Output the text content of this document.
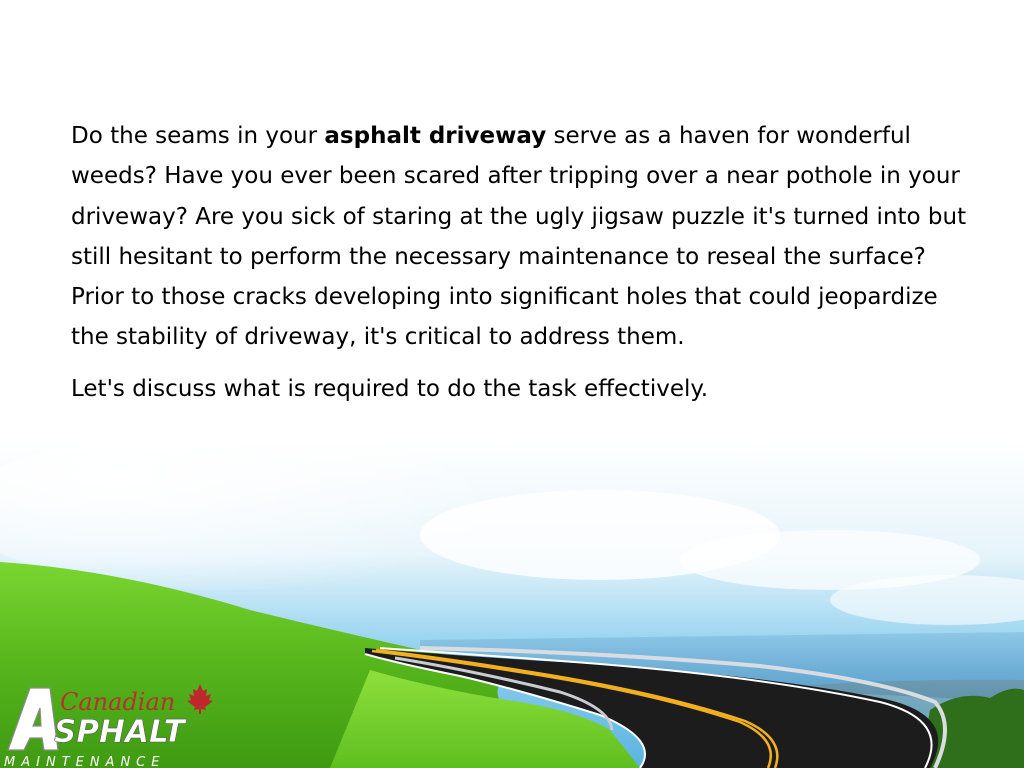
Do the seams in your asphalt driveway serve as a haven for wonderful weeds? Have you ever been scared after tripping over a near pothole in your driveway? Are you sick of staring at the ugly jigsaw puzzle it's turned into but still hesitant to perform the necessary maintenance to reseal the surface? Prior to those cracks developing into significant holes that could jeopardize the stability of driveway, it's critical to address them.

Let's discuss what is required to do the task effectively.

Canadian
SPHALT
MAINTENANCE
